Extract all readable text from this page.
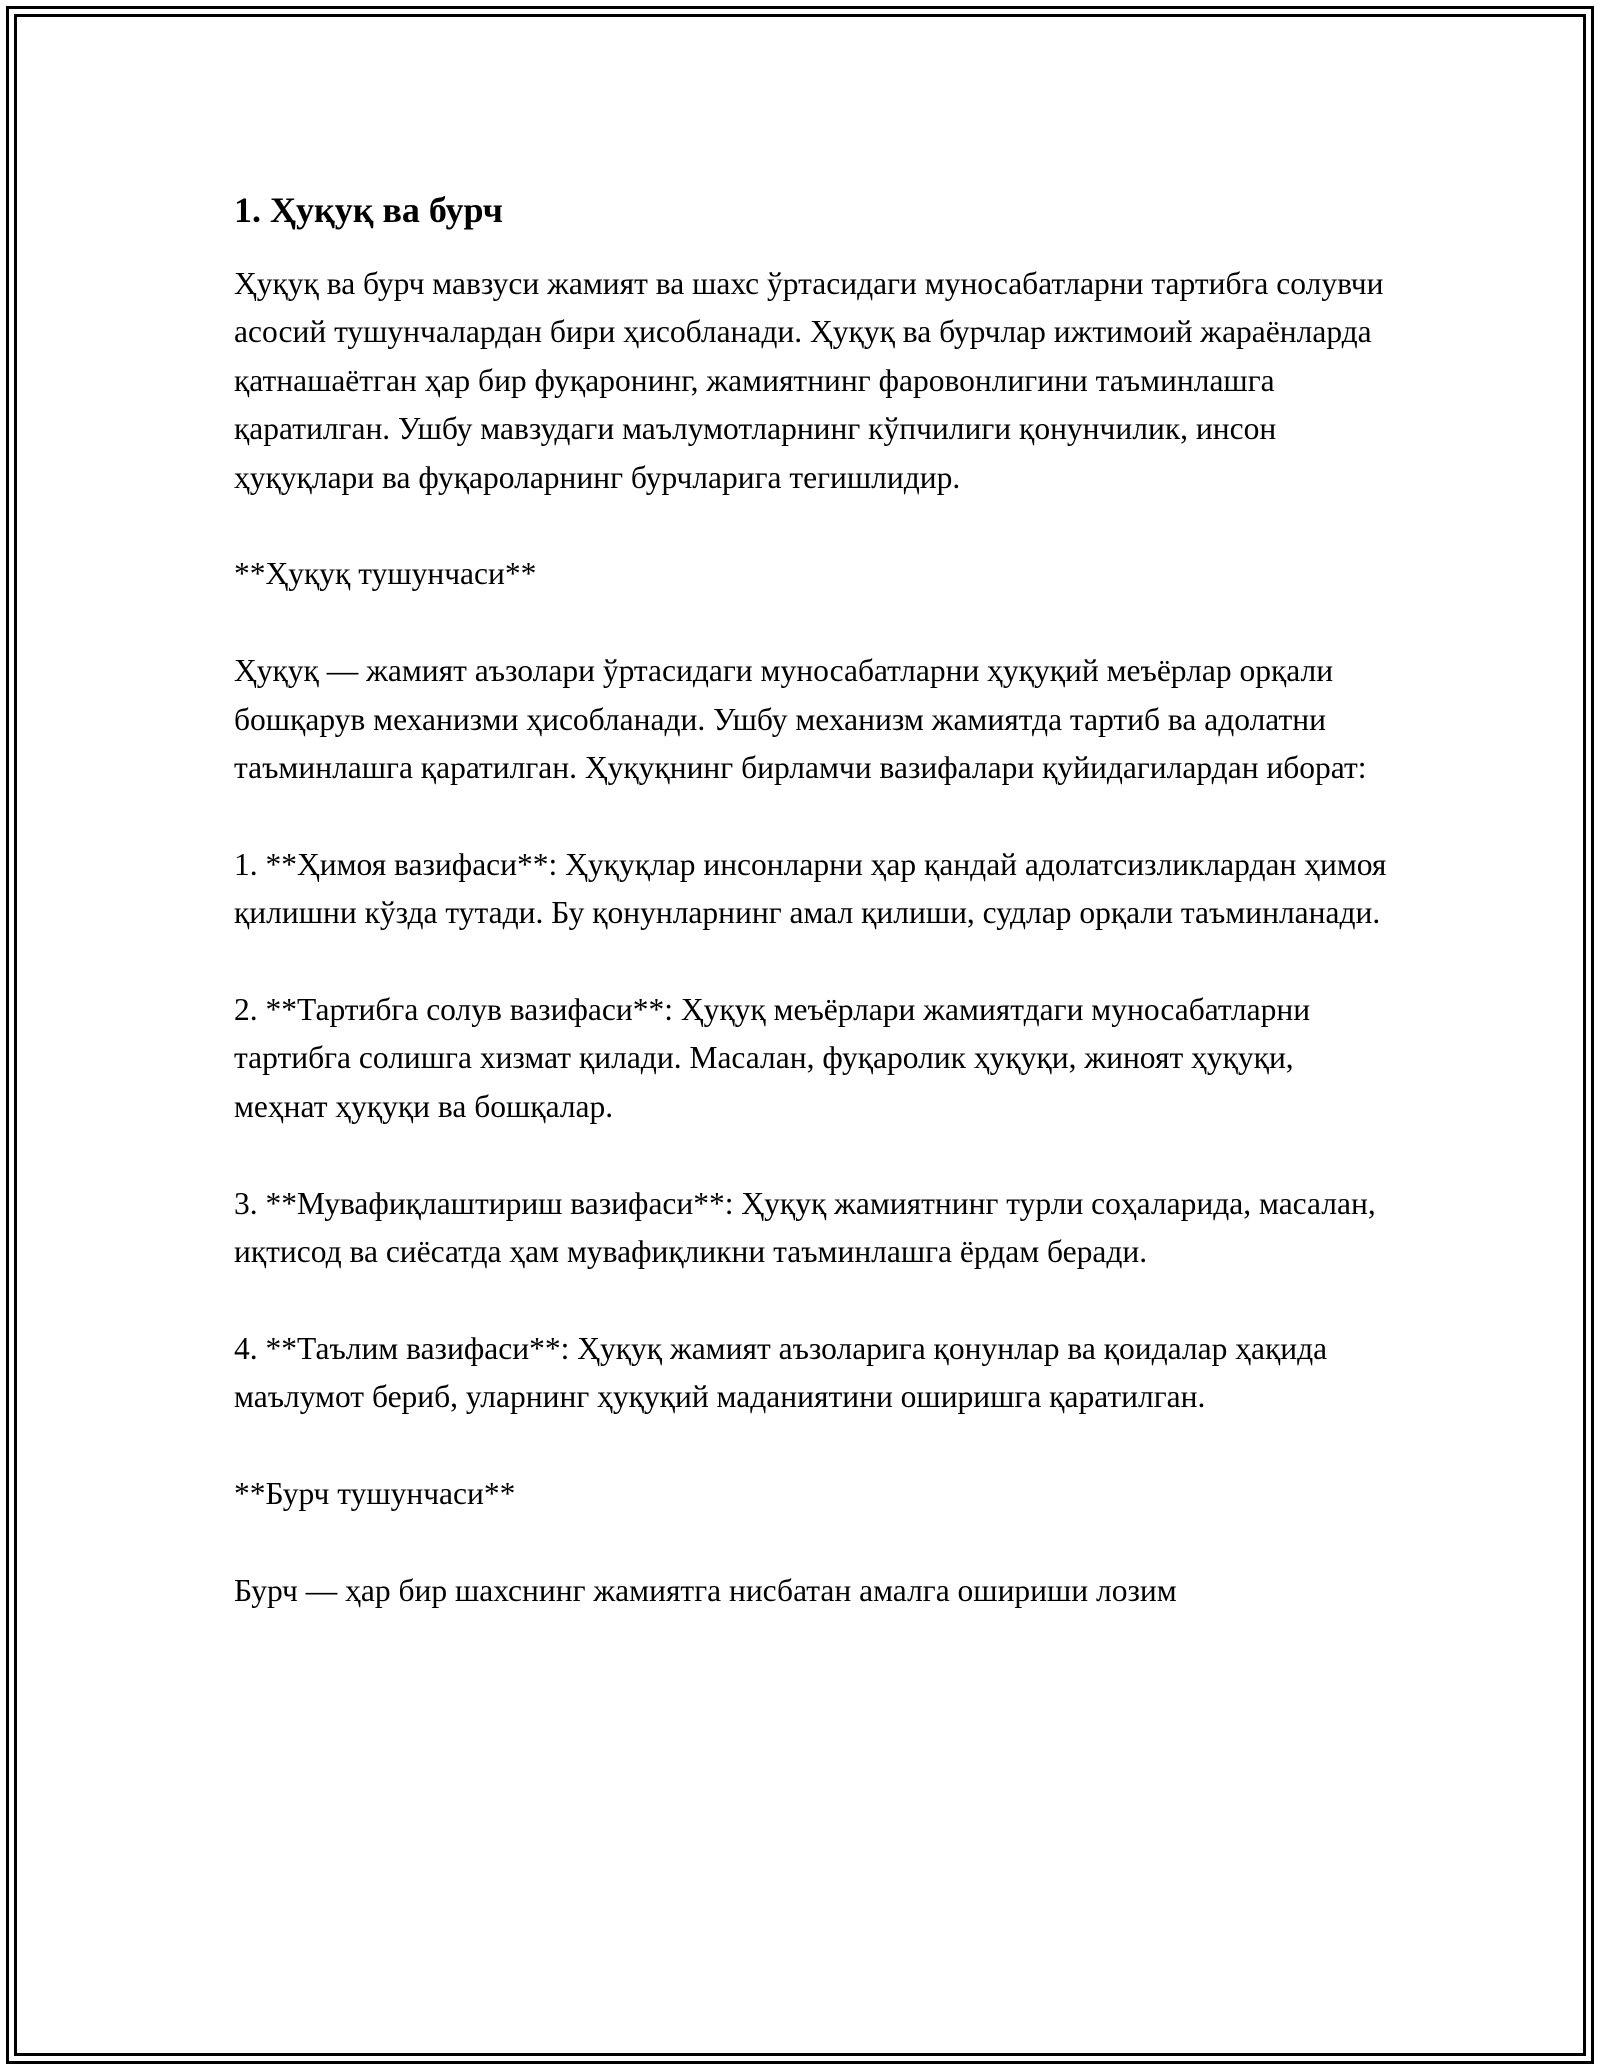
1. Ҳуқуқ ва бурч
Ҳуқуқ ва бурч мавзуси жамият ва шахс ўртасидаги муносабатларни тартибга солувчи асосий тушунчалардан бири ҳисобланади. Ҳуқуқ ва бурчлар ижтимоий жараёнларда қатнашаётган ҳар бир фуқаронинг, жамиятнинг фаровонлигини таъминлашга қаратилган. Ушбу мавзудаги маълумотларнинг кўпчилиги қонунчилик, инсон ҳуқуқлари ва фуқароларнинг бурчларига тегишлидир.
**Ҳуқуқ тушунчаси**
Ҳуқуқ — жамият аъзолари ўртасидаги муносабатларни ҳуқуқий меъёрлар орқали бошқарув механизми ҳисобланади. Ушбу механизм жамиятда тартиб ва адолатни таъминлашга қаратилган. Ҳуқуқнинг бирламчи вазифалари қуйидагилардан иборат:
1. **Ҳимоя вазифаси**: Ҳуқуқлар инсонларни ҳар қандай адолатсизликлардан ҳимоя қилишни кўзда тутади. Бу қонунларнинг амал қилиши, судлар орқали таъминланади.
2. **Тартибга солув вазифаси**: Ҳуқуқ меъёрлари жамиятдаги муносабатларни тартибга солишга хизмат қилади. Масалан, фуқаролик ҳуқуқи, жиноят ҳуқуқи, меҳнат ҳуқуқи ва бошқалар.
3. **Мувафиқлаштириш вазифаси**: Ҳуқуқ жамиятнинг турли соҳаларида, масалан, иқтисод ва сиёсатда ҳам мувафиқликни таъминлашга ёрдам беради.
4. **Таълим вазифаси**: Ҳуқуқ жамият аъзоларига қонунлар ва қоидалар ҳақида маълумот бериб, уларнинг ҳуқуқий маданиятини оширишга қаратилган.
**Бурч тушунчаси**
Бурч — ҳар бир шахснинг жамиятга нисбатан амалга ошириши лозим
